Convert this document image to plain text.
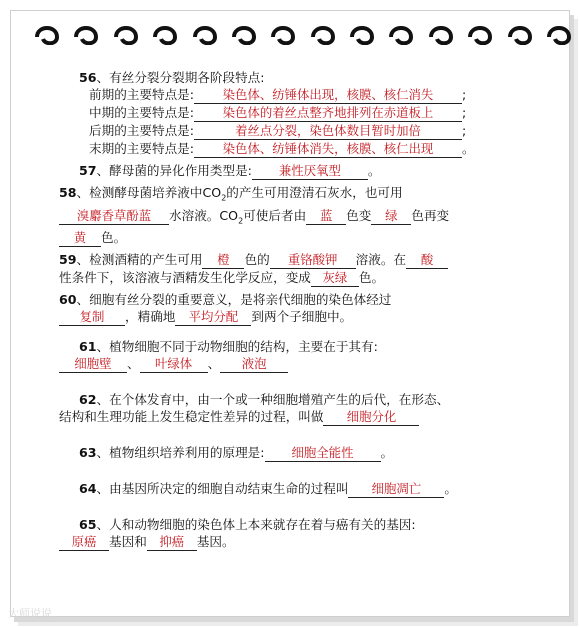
56、有丝分裂分裂期各阶段特点:
前期的主要特点是: 染色体、纺锤体出现，核膜、核仁消失 ;
中期的主要特点是: 染色体的着丝点整齐地排列在赤道板上 ;
后期的主要特点是:	着丝点分裂，染色体数目暂时加倍	;
末期的主要特点是: 染色体、纺锤体消失，核膜、核仁出现 。
57、酵母菌的异化作用类型是: 兼性厌氧型 。
58、检测酵母菌培养液中$CO_2$的产生可用澄清石灰水，也可用
溴麝香草酚蓝 水溶液。$CO_2$可使后者由 蓝 色变 绿 色再变
黄 色。
59、检测酒精的产生可用 橙 色的 重铬酸钾 溶液。在 酸
性条件下，该溶液与酒精发生化学反应，变成 灰绿 色。
60、细胞有丝分裂的重要意义，是将亲代细胞的染色体经过
复制 ，精确地 平均分配 到两个子细胞中。
61、植物细胞不同于动物细胞的结构，主要在于其有:
细胞壁 、 叶绿体 、 液泡
62、在个体发育中，由一个或一种细胞增殖产生的后代，在形态、
结构和生理功能上发生稳定性差异的过程，叫做 细胞分化
63、植物组织培养利用的原理是: 细胞全能性 。
64、由基因所决定的细胞自动结束生命的过程叫 细胞凋亡 。
65、人和动物细胞的染色体上本来就存在着与癌有关的基因:
原癌 基因和 抑癌 基因。
大师说说
